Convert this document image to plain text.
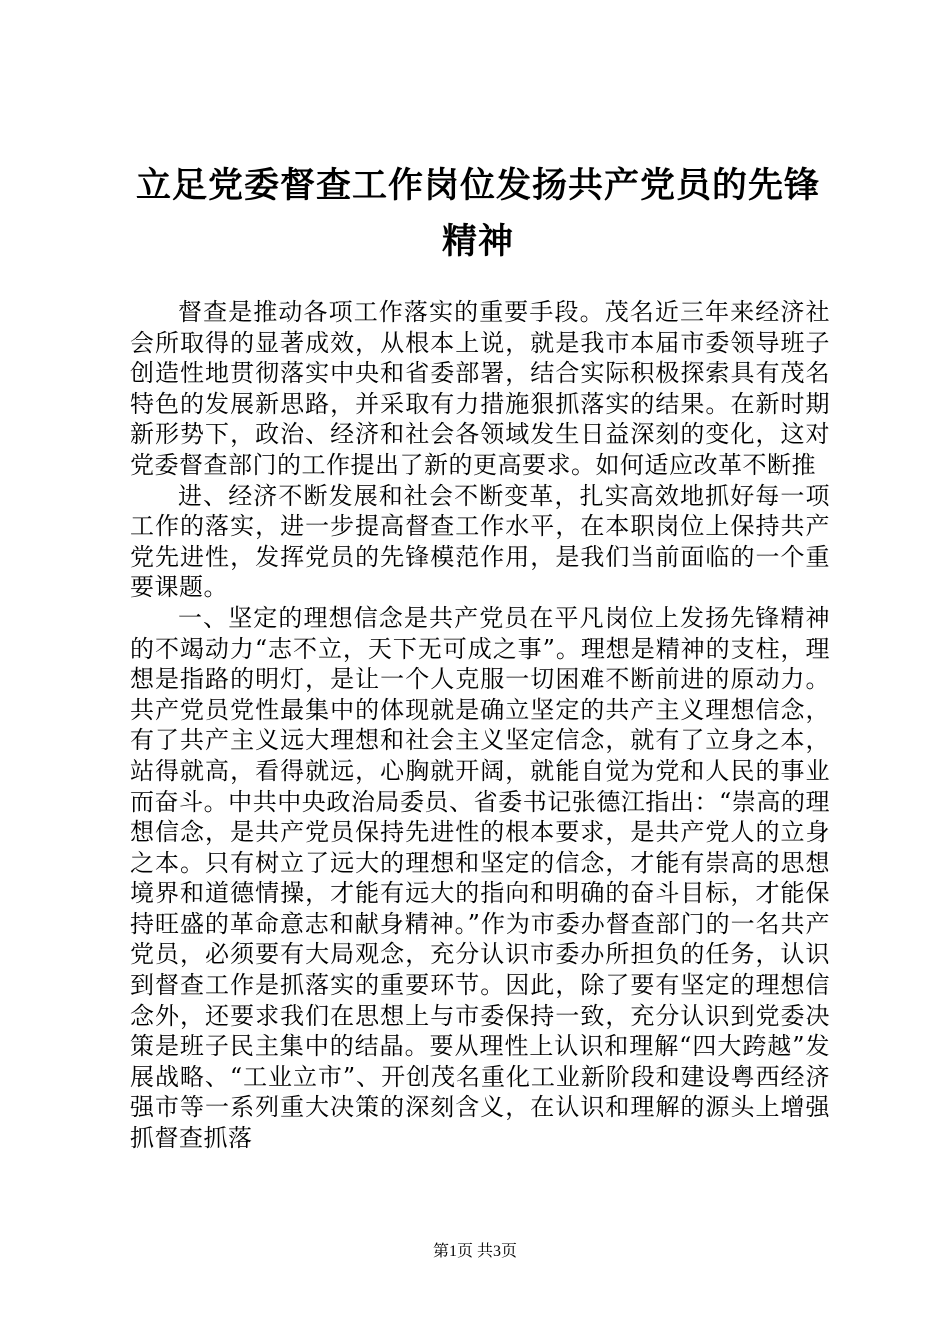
立足党委督查工作岗位发扬共产党员的先锋精神

督查是推动各项工作落实的重要手段。茂名近三年来经济社会所取得的显著成效，从根本上说，就是我市本届市委领导班子创造性地贯彻落实中央和省委部署，结合实际积极探索具有茂名特色的发展新思路，并采取有力措施狠抓落实的结果。在新时期新形势下，政治、经济和社会各领域发生日益深刻的变化，这对党委督查部门的工作提出了新的更高要求。如何适应改革不断推

进、经济不断发展和社会不断变革，扎实高效地抓好每一项工作的落实，进一步提高督查工作水平，在本职岗位上保持共产党先进性，发挥党员的先锋模范作用，是我们当前面临的一个重要课题。

一、坚定的理想信念是共产党员在平凡岗位上发扬先锋精神的不竭动力“志不立，天下无可成之事”。理想是精神的支柱，理想是指路的明灯，是让一个人克服一切困难不断前进的原动力。共产党员党性最集中的体现就是确立坚定的共产主义理想信念，有了共产主义远大理想和社会主义坚定信念，就有了立身之本，站得就高，看得就远，心胸就开阔，就能自觉为党和人民的事业而奋斗。中共中央政治局委员、省委书记张德江指出：“崇高的理想信念，是共产党员保持先进性的根本要求，是共产党人的立身之本。只有树立了远大的理想和坚定的信念，才能有崇高的思想境界和道德情操，才能有远大的指向和明确的奋斗目标，才能保持旺盛的革命意志和献身精神。”作为市委办督查部门的一名共产党员，必须要有大局观念，充分认识市委办所担负的任务，认识到督查工作是抓落实的重要环节。因此，除了要有坚定的理想信念外，还要求我们在思想上与市委保持一致，充分认识到党委决策是班子民主集中的结晶。要从理性上认识和理解“四大跨越”发展战略、“工业立市”、开创茂名重化工业新阶段和建设粤西经济强市等一系列重大决策的深刻含义，在认识和理解的源头上增强抓督查抓落

第1页 共3页
